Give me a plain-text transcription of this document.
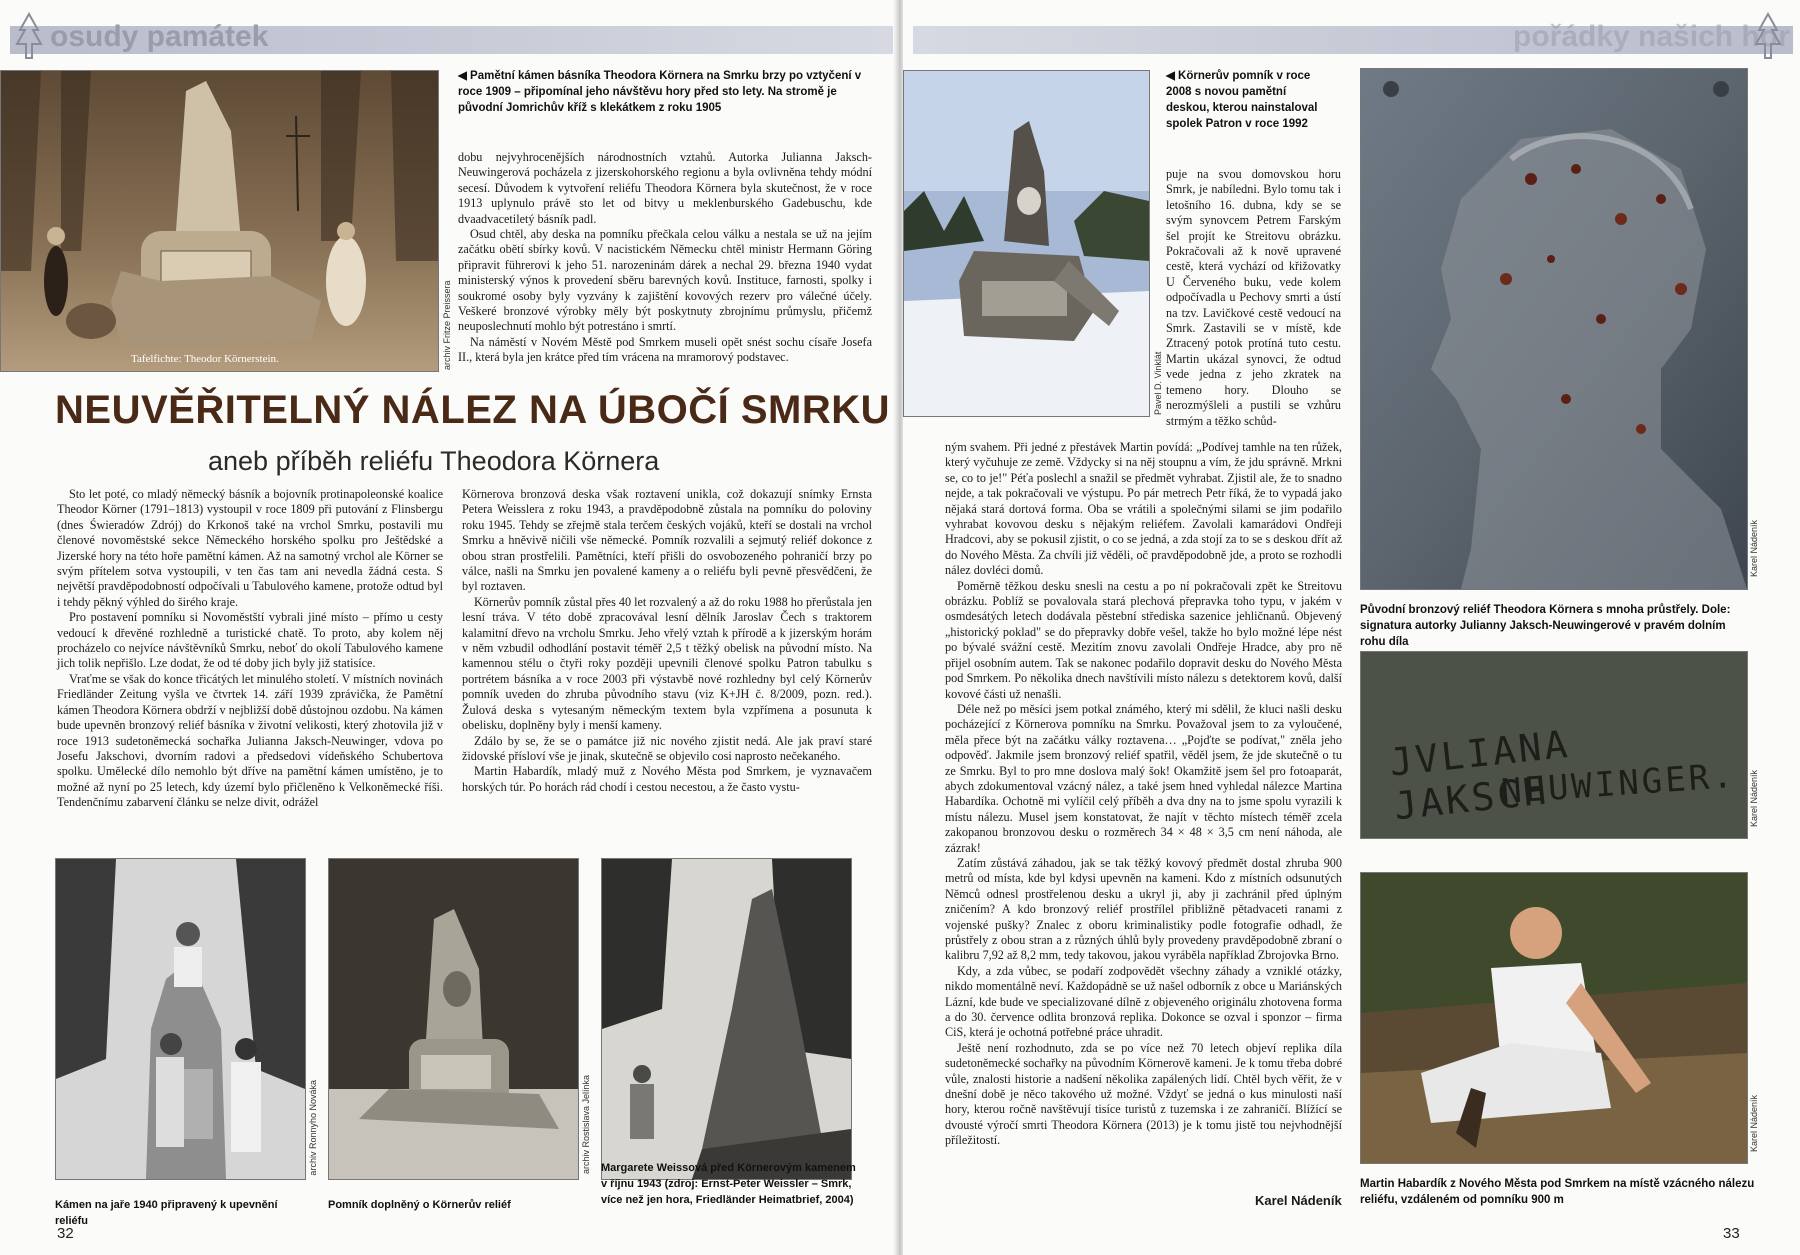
osudy památek
Tafelfichte: Theodor Körnerstein.	archiv Fritze Preissera
◀ Pamětní kámen básníka Theodora Körnera na Smrku brzy po vztyčení v roce 1909 – připomínal jeho návštěvu hory před sto lety. Na stromě je původní Jomrichův kříž s klekátkem z roku 1905

dobu nejvyhrocenějších národnostních vztahů. Autorka Julianna Jaksch-Neuwingerová pocházela z jizerskohorského regionu a byla ovlivněna tehdy módní secesí. Důvodem k vytvoření reliéfu Theodora Körnera byla skutečnost, že v roce 1913 uplynulo právě sto let od bitvy u meklenburského Gadebuschu, kde dvaadvacetiletý básník padl.

Osud chtěl, aby deska na pomníku přečkala celou válku a nestala se už na jejím začátku obětí sbírky kovů. V nacistickém Německu chtěl ministr Hermann Göring připravit führerovi k jeho 51. narozeninám dárek a nechal 29. března 1940 vydat ministerský výnos k provedení sběru barevných kovů. Instituce, farnosti, spolky i soukromé osoby byly vyzvány k zajištění kovových rezerv pro válečné účely. Veškeré bronzové výrobky měly být poskytnuty zbrojnímu průmyslu, přičemž neuposlechnutí mohlo být potrestáno i smrtí.

Na náměstí v Novém Městě pod Smrkem museli opět snést sochu císaře Josefa II., která byla jen krátce před tím vrácena na mramorový podstavec.

NEUVĚŘITELNÝ NÁLEZ NA ÚBOČÍ SMRKU
aneb příběh reliéfu Theodora Körnera

Sto let poté, co mladý německý básník a bojovník protinapoleonské koalice Theodor Körner (1791–1813) vystoupil v roce 1809 při putování z Flinsbergu (dnes Świeradów Zdrój) do Krkonoš také na vrchol Smrku, postavili mu členové novoměstské sekce Německého horského spolku pro Ještědské a Jizerské hory na této hoře pamětní kámen. Až na samotný vrchol ale Körner se svým přítelem sotva vystoupili, v ten čas tam ani nevedla žádná cesta. S největší pravděpodobností odpočívali u Tabulového kamene, protože odtud byl i tehdy pěkný výhled do širého kraje.

Pro postavení pomníku si Novoměstští vybrali jiné místo – přímo u cesty vedoucí k dřevěné rozhledně a turistické chatě. To proto, aby kolem něj procházelo co nejvíce návštěvníků Smrku, neboť do okolí Tabulového kamene jich tolik nepřišlo. Lze dodat, že od té doby jich byly již statisíce.

Vraťme se však do konce třicátých let minulého století. V místních novinách Friedländer Zeitung vyšla ve čtvrtek 14. září 1939 zprávička, že Pamětní kámen Theodora Körnera obdrží v nejbližší době důstojnou ozdobu. Na kámen bude upevněn bronzový reliéf básníka v životní velikosti, který zhotovila již v roce 1913 sudetoněmecká sochařka Julianna Jaksch-Neuwinger, vdova po Josefu Jakschovi, dvorním radovi a předsedovi vídeňského Schubertova spolku. Umělecké dílo nemohlo být dříve na pamětní kámen umístěno, je to možné až nyní po 25 letech, kdy území bylo přičleněno k Velkoněmecké říši. Tendenčnímu zabarvení článku se nelze divit, odrážel

Körnerova bronzová deska však roztavení unikla, což dokazují snímky Ernsta Petera Weisslera z roku 1943, a pravděpodobně zůstala na pomníku do poloviny roku 1945. Tehdy se zřejmě stala terčem českých vojáků, kteří se dostali na vrchol Smrku a hněvivě ničili vše německé. Pomník rozvalili a sejmutý reliéf dokonce z obou stran prostřelili. Pamětníci, kteří přišli do osvobozeného pohraničí brzy po válce, našli na Smrku jen povalené kameny a o reliéfu byli pevně přesvědčeni, že byl roztaven.

Körnerův pomník zůstal přes 40 let rozvalený a až do roku 1988 ho přerůstala jen lesní tráva. V této době zpracovával lesní dělník Jaroslav Čech s traktorem kalamitní dřevo na vrcholu Smrku. Jeho vřelý vztah k přírodě a k jizerským horám v něm vzbudil odhodlání postavit téměř 2,5 t těžký obelisk na původní místo. Na kamennou stélu o čtyři roky později upevnili členové spolku Patron tabulku s portrétem básníka a v roce 2003 při výstavbě nové rozhledny byl celý Körnerův pomník uveden do zhruba původního stavu (viz K+JH č. 8/2009, pozn. red.). Žulová deska s vytesaným německým textem byla vzpřímena a posunuta k obelisku, doplněny byly i menší kameny.

Zdálo by se, že se o památce již nic nového zjistit nedá. Ale jak praví staré židovské přísloví vše je jinak, skutečně se objevilo cosi naprosto nečekaného.

Martin Habardík, mladý muž z Nového Města pod Smrkem, je vyznavačem horských túr. Po horách rád chodí i cestou necestou, a že často vystu-

archiv Ronnyho Nováka
Kámen na jaře 1940 připravený k upevnění reliéfu
archiv Rostislava Jelínka
Pomník doplněný o Körnerův reliéf
Margarete Weissová před Körnerovým kamenem v říjnu 1943 (zdroj: Ernst-Peter Weissler – Smrk, více než jen hora, Friedländer Heimatbrief, 2004)
32
pořádky našich hor
Pavel D. Vinklát
◀ Körnerův pomník v roce 2008 s novou pamětní deskou, kterou nainstaloval spolek Patron v roce 1992

puje na svou domovskou horu Smrk, je nabíledni. Bylo tomu tak i letošního 16. dubna, kdy se se svým synovcem Petrem Farským šel projít ke Streitovu obrázku. Pokračovali až k nově upravené cestě, která vychází od křižovatky U Červeného buku, vede kolem odpočívadla u Pechovy smrti a ústí na tzv. Lavičkové cestě vedoucí na Smrk. Zastavili se v místě, kde Ztracený potok protíná tuto cestu. Martin ukázal synovci, že odtud vede jedna z jeho zkratek na temeno hory. Dlouho se nerozmýšleli a pustili se vzhůru strmým a těžko schůd-

ným svahem. Při jedné z přestávek Martin povídá: „Podívej tamhle na ten růžek, který vyčuhuje ze země. Vždycky si na něj stoupnu a vím, že jdu správně. Mrkni se, co to je!" Péťa poslechl a snažil se předmět vyhrabat. Zjistil ale, že to snadno nejde, a tak pokračovali ve výstupu. Po pár metrech Petr říká, že to vypadá jako nějaká stará dortová forma. Oba se vrátili a společnými silami se jim podařilo vyhrabat kovovou desku s nějakým reliéfem. Zavolali kamarádovi Ondřeji Hradcovi, aby se pokusil zjistit, o co se jedná, a zda stojí za to se s deskou dřít až do Nového Města. Za chvíli již věděli, oč pravděpodobně jde, a proto se rozhodli nález dovléci domů.

Poměrně těžkou desku snesli na cestu a po ní pokračovali zpět ke Streitovu obrázku. Poblíž se povalovala stará plechová přepravka toho typu, v jakém v osmdesátých letech dodávala pěstební střediska sazenice jehličnanů. Objevený „historický poklad" se do přepravky dobře vešel, takže ho bylo možné lépe nést po bývalé svážní cestě. Mezitím znovu zavolali Ondřeje Hradce, aby pro ně přijel osobním autem. Tak se nakonec podařilo dopravit desku do Nového Města pod Smrkem. Po několika dnech navštívili místo nálezu s detektorem kovů, další kovové části už nenašli.

Déle než po měsíci jsem potkal známého, který mi sdělil, že kluci našli desku pocházející z Körnerova pomníku na Smrku. Považoval jsem to za vyloučené, měla přece být na začátku války roztavena… „Pojďte se podívat," zněla jeho odpověď. Jakmile jsem bronzový reliéf spatřil, věděl jsem, že jde skutečně o tu ze Smrku. Byl to pro mne doslova malý šok! Okamžitě jsem šel pro fotoaparát, abych zdokumentoval vzácný nález, a také jsem hned vyhledal nálezce Martina Habardíka. Ochotně mi vylíčil celý příběh a dva dny na to jsme spolu vyrazili k místu nálezu. Musel jsem konstatovat, že najít v těchto místech téměř zcela zakopanou bronzovou desku o rozměrech 34 × 48 × 3,5 cm není náhoda, ale zázrak!

Zatím zůstává záhadou, jak se tak těžký kovový předmět dostal zhruba 900 metrů od místa, kde byl kdysi upevněn na kameni. Kdo z místních odsunutých Němců odnesl prostřelenou desku a ukryl ji, aby ji zachránil před úplným zničením? A kdo bronzový reliéf prostřílel přibližně pětadvaceti ranami z vojenské pušky? Znalec z oboru kriminalistiky podle fotografie odhadl, že průstřely z obou stran a z různých úhlů byly provedeny pravděpodobně zbraní o kalibru 7,92 až 8,2 mm, tedy takovou, jakou vyráběla například Zbrojovka Brno.

Kdy, a zda vůbec, se podaří zodpovědět všechny záhady a vzniklé otázky, nikdo momentálně neví. Každopádně se už našel odborník z obce u Mariánských Lázní, kde bude ve specializované dílně z objeveného originálu zhotovena forma a do 30. července odlita bronzová replika. Dokonce se ozval i sponzor – firma CiS, která je ochotná potřebné práce uhradit.

Ještě není rozhodnuto, zda se po více než 70 letech objeví replika díla sudetoněmecké sochařky na původním Körnerově kameni. Je k tomu třeba dobré vůle, znalosti historie a nadšení několika zapálených lidí. Chtěl bych věřit, že v dnešní době je něco takového už možné. Vždyť se jedná o kus minulosti naší hory, kterou ročně navštěvují tisíce turistů z tuzemska i ze zahraničí. Blížící se dvousté výročí smrti Theodora Körnera (2013) je k tomu jistě tou nejvhodnější příležitostí.

Karel Nádeník
Karel Nádeník
Původní bronzový reliéf Theodora Körnera s mnoha průstřely. Dole: signatura autorky Julianny Jaksch-Neuwingerové v pravém dolním rohu díla
JVLIANA JAKSCH
NEUWINGER. Karel Nádeník
Karel Nádeník
Martin Habardík z Nového Města pod Smrkem na místě vzácného nálezu reliéfu, vzdáleném od pomníku 900 m
33
